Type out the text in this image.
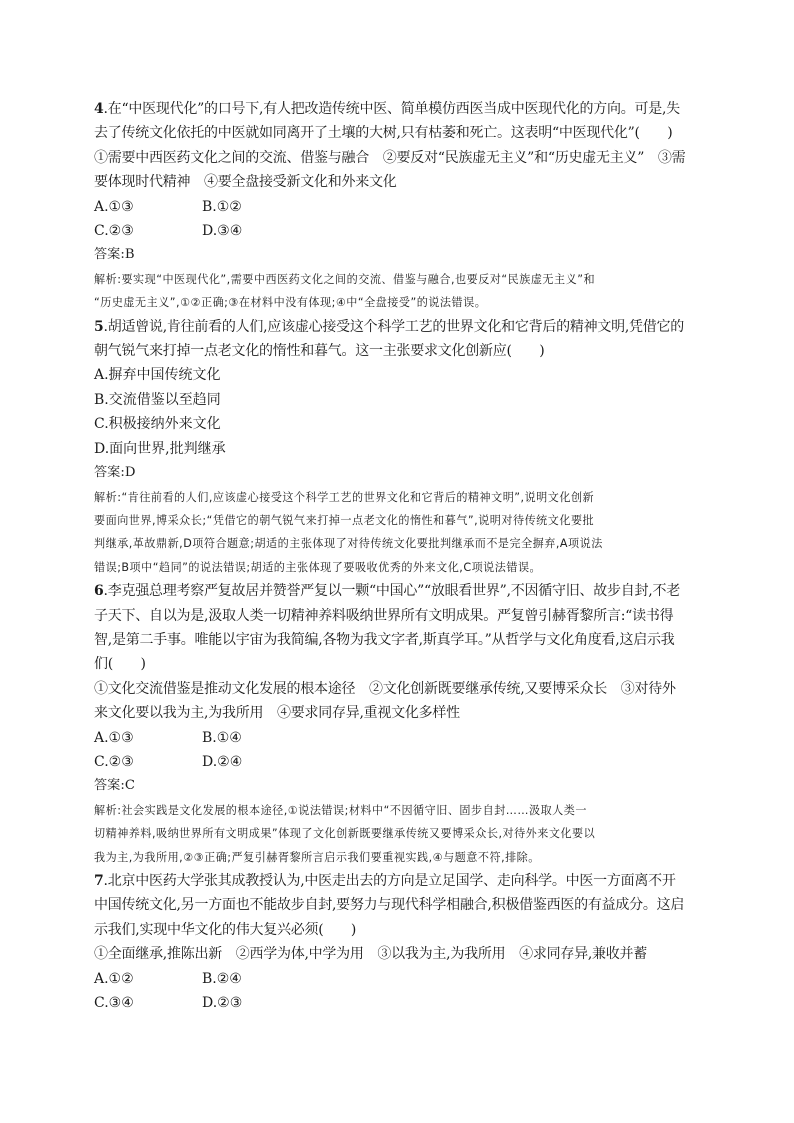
4.在“中医现代化”的口号下,有人把改造传统中医、简单模仿西医当成中医现代化的方向。可是,失
去了传统文化依托的中医就如同离开了土壤的大树,只有枯萎和死亡。这表明“中医现代化”(　　)
①需要中西医药文化之间的交流、借鉴与融合　②要反对“民族虚无主义”和“历史虚无主义”　③需
要体现时代精神　④要全盘接受新文化和外来文化
A.①③	B.①②
C.②③	D.③④
答案:B
解析:要实现“中医现代化”,需要中西医药文化之间的交流、借鉴与融合,也要反对“民族虚无主义”和
“历史虚无主义”,①②正确;③在材料中没有体现;④中“全盘接受”的说法错误。
5.胡适曾说,肯往前看的人们,应该虚心接受这个科学工艺的世界文化和它背后的精神文明,凭借它的
朝气锐气来打掉一点老文化的惰性和暮气。这一主张要求文化创新应(　　)
A.摒弃中国传统文化
B.交流借鉴以至趋同
C.积极接纳外来文化
D.面向世界,批判继承
答案:D
解析:“肯往前看的人们,应该虚心接受这个科学工艺的世界文化和它背后的精神文明”,说明文化创新
要面向世界,博采众长;“凭借它的朝气锐气来打掉一点老文化的惰性和暮气”,说明对待传统文化要批
判继承,革故鼎新,D项符合题意;胡适的主张体现了对待传统文化要批判继承而不是完全摒弃,A项说法
错误;B项中“趋同”的说法错误;胡适的主张体现了要吸收优秀的外来文化,C项说法错误。
6.李克强总理考察严复故居并赞誉严复以一颗“中国心”“放眼看世界”,不因循守旧、故步自封,不老
子天下、自以为是,汲取人类一切精神养料吸纳世界所有文明成果。严复曾引赫胥黎所言:“读书得
智,是第二手事。唯能以宇宙为我简编,各物为我文字者,斯真学耳。”从哲学与文化角度看,这启示我
们(　　)
①文化交流借鉴是推动文化发展的根本途径　②文化创新既要继承传统,又要博采众长　③对待外
来文化要以我为主,为我所用　④要求同存异,重视文化多样性
A.①③	B.①④
C.②③	D.②④
答案:C
解析:社会实践是文化发展的根本途径,①说法错误;材料中“不因循守旧、固步自封……汲取人类一
切精神养料,吸纳世界所有文明成果”体现了文化创新既要继承传统又要博采众长,对待外来文化要以
我为主,为我所用,②③正确;严复引赫胥黎所言启示我们要重视实践,④与题意不符,排除。
7.北京中医药大学张其成教授认为,中医走出去的方向是立足国学、走向科学。中医一方面离不开
中国传统文化,另一方面也不能故步自封,要努力与现代科学相融合,积极借鉴西医的有益成分。这启
示我们,实现中华文化的伟大复兴必须(　　)
①全面继承,推陈出新　②西学为体,中学为用　③以我为主,为我所用　④求同存异,兼收并蓄
A.①②	B.②④
C.③④	D.②③
